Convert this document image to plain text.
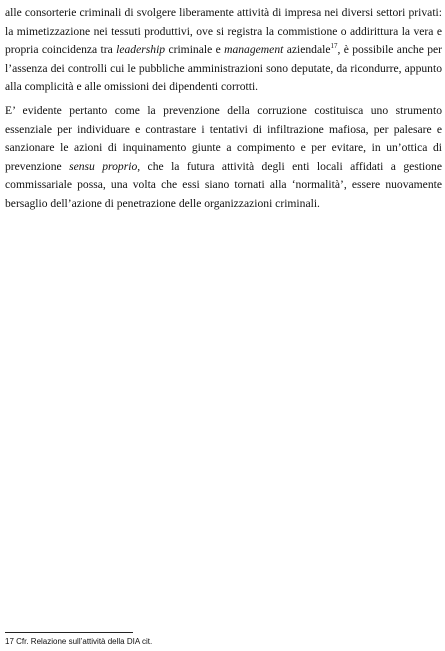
alle consorterie criminali di svolgere liberamente attività di impresa nei diversi settori privati: la mimetizzazione nei tessuti produttivi, ove si registra la commistione o addirittura la vera e propria coincidenza tra leadership criminale e management aziendale$^{17}$, è possibile anche per l’assenza dei controlli cui le pubbliche amministrazioni sono deputate, da ricondurre, appunto alla complicità e alle omissioni dei dipendenti corrotti.

E’ evidente pertanto come la prevenzione della corruzione costituisca uno strumento essenziale per individuare e contrastare i tentativi di infiltrazione mafiosa, per palesare e sanzionare le azioni di inquinamento giunte a compimento e per evitare, in un’ottica di prevenzione sensu proprio, che la futura attività degli enti locali affidati a gestione commissariale possa, una volta che essi siano tornati alla ‘normalità’, essere nuovamente bersaglio dell’azione di penetrazione delle organizzazioni criminali.

17 Cfr. Relazione sull’attività della DIA cit.
